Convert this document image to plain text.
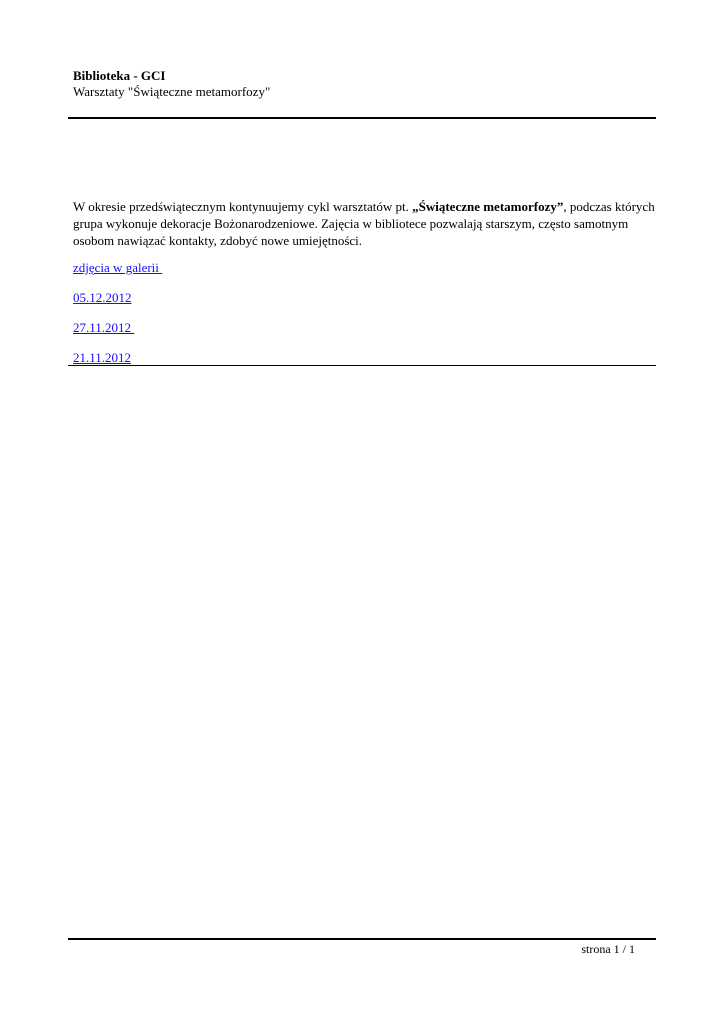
Biblioteka - GCI
Warsztaty "Świąteczne metamorfozy"

W okresie przedświątecznym kontynuujemy cykl warsztatów pt. „Świąteczne metamorfozy”, podczas których grupa wykonuje dekoracje Bożonarodzeniowe. Zajęcia w bibliotece pozwalają starszym, często samotnym osobom nawiązać kontakty, zdobyć nowe umiejętności.

zdjęcia w galerii
05.12.2012
27.11.2012
21.11.2012
strona 1 / 1
